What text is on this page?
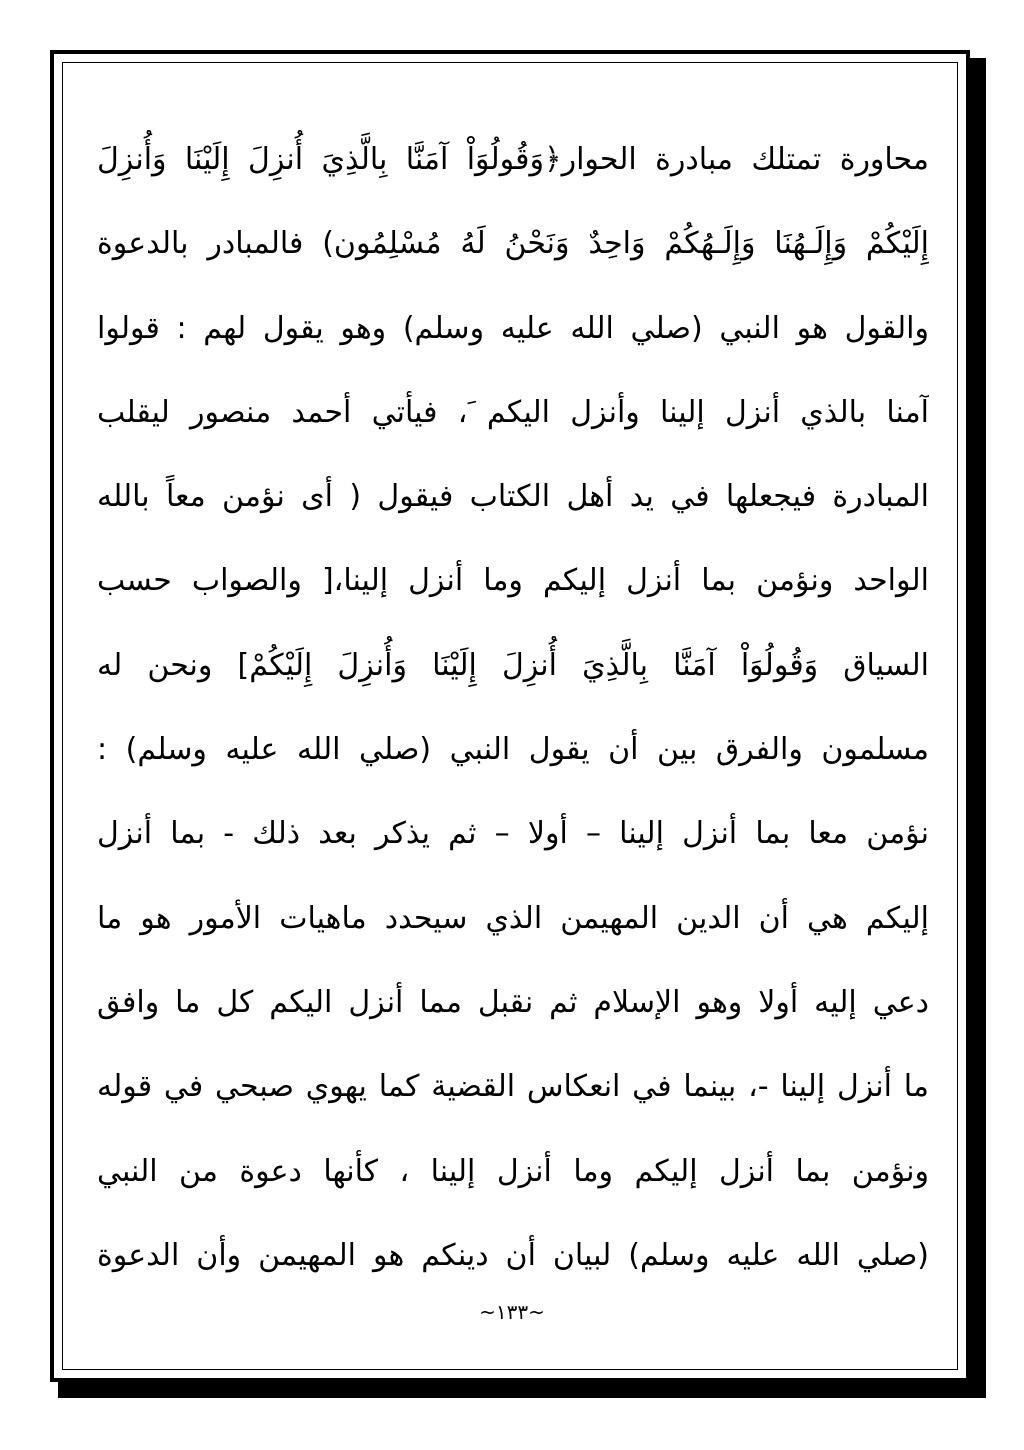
محاورة تمتلك مبادرة الحوار﴿وَقُولُوَاْ آمَنَّا بِالَّذِيَ أُنزِلَ إِلَيْنَا وَأُنزِلَ
إِلَيْكُمْ وَإِلَـهُنَا وَإِلَـهُكُمْ وَاحِدٌ وَنَحْنُ لَهُ مُسْلِمُون) فالمبادر بالدعوة
والقول هو النبي (صلي الله عليه وسلم) وهو يقول لهم : قولوا
آمنا بالذي أنزل إلينا وأنزل اليكم َ، فيأتي أحمد منصور ليقلب
المبادرة فيجعلها في يد أهل الكتاب فيقول ( أى نؤمن معاً بالله
الواحد ونؤمن بما أنزل إليكم وما أنزل إلينا،[ والصواب حسب
السياق وَقُولُوَاْ آمَنَّا بِالَّذِيَ أُنزِلَ إِلَيْنَا وَأُنزِلَ إِلَيْكُمْ] ونحن له
مسلمون والفرق بين أن يقول النبي (صلي الله عليه وسلم) :
نؤمن معا بما أنزل إلينا – أولا – ثم يذكر بعد ذلك - بما أنزل
إليكم هي أن الدين المهيمن الذي سيحدد ماهيات الأمور هو ما
دعي إليه أولا وهو الإسلام ثم نقبل مما أنزل اليكم كل ما وافق
ما أنزل إلينا -، بينما في انعكاس القضية كما يهوي صبحي في قوله
ونؤمن بما أنزل إليكم وما أنزل إلينا ، كأنها دعوة من النبي
(صلي الله عليه وسلم) لبيان أن دينكم هو المهيمن وأن الدعوة
~١٣٣~
